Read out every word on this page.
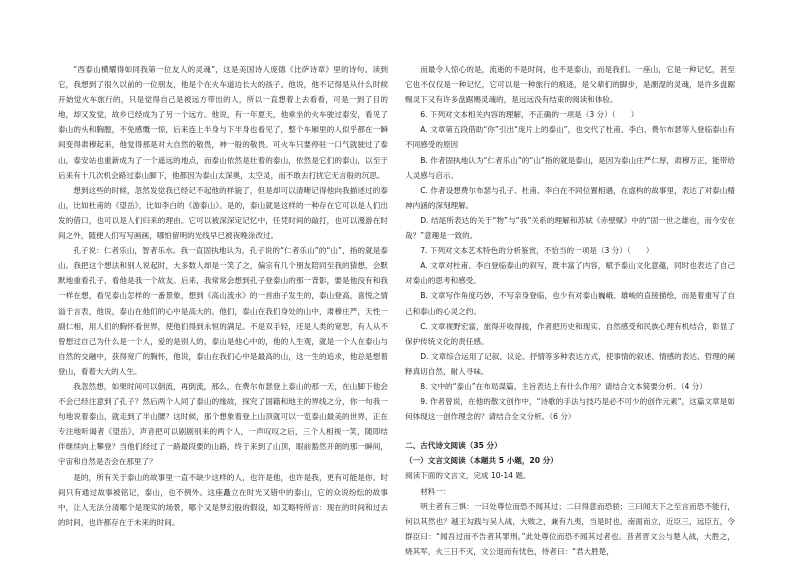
“西泰山横耀得如同我第一位友人的灵魂”，这是美国诗人庞德《比萨诗章》里的诗句。读到它，我想到了很久以前的一位朋友，他是个在火车道边长大的孩子。他说，他不记得是从什么时候开始觉火车旅行的，只是觉得自己是被远方带出的人，所以一直想着上去看看，可是一到了目的地，却又发觉，故乡已经成为了另一个远方。他说，有一年夏天，他乘坐的火车驶过泰安，看见了泰山的头和胸膛，不免感慨一惊，后来连上半身与下半身也看见了，整个车厢里的人似乎都在一瞬间变得肃穆起来，他觉得那是对大自然的敬畏，神一般的敬畏。可火车只要停驻一口气就驶过了泰山，泰安站也重新成为了一个遥远的地点，而泰山依然是壮着的泰山，依然是它们的泰山，以至于后来有十几次机会路过泰山脚下，他都因为泰山太深奥，太空灵，而不敢去打扰它无言般的沉思。

想到这些的时候，忽然发觉我已经记不起他的样貌了，但是却可以清晰记得他向我描述过的泰山，比如杜甫的《望岳》，比如李白的《游泰山》。是的，泰山就是这样的一种存在它可以是人们出发的借口，也可以是人们归来的理由。它可以被深深定记忆中，任凭时间的敲打，也可以漫游在时间之外，随便人们写写画画，哪怕留明的光线早已被夜晚涂改过。

孔子说：仁者乐山，智者乐水。我一直固执地认为，孔子说的“仁者乐山”的“山”，指的就是泰山。我把这个想法和别人说起时，大多数人却是一笑了之，偏宗有几个朋友陪同至我的猜想，会默默地重看孔子，看他是我一个故友。后来，我常常会想到孔子登泰山的那一背影，要是他没有和我一样在想，看见泰山怎样的一番景象，想到《高山流水》的一首曲子发生的，泰山登高，喜悦之情溢于言表，他说，泰山在他们的心中是高大的。他们，泰山在我们身处的山中，肃穆庄严，天性一副仁相，用人们的胸怀看世界，使他们得到永恒的满足。不是双手轻，还是人类的宽恕，有人从不曾想过自己为什么是一个人，爱的是别人的，泰山是他心中的，他的人生观，就是一个人在泰山与自然的交融中，获得宽广的胸怀，他说，泰山在我们心中是最高的山，这一生的追求，他总是想着登山，看着大大的人生。

我忽然想，如果时间可以倒流，再倒流，那么，在费尔布瑟登上泰山的那一天，在山脚下他会不会已经注意到了孔子？然后两个人同了泰山的缘故，探究了国籍和地主的界线之分，你一句我一句地说着泰山，就走到了半山腰？这时候，那个想象着登上山顶就可以一览泰山最美的世界，正在专注地听谒者《望岳》，声音把可以剧剧别来的两个人，一声叹叹之后，三个人相视一笑，随即结伴继续向上攀登？当他们经过了一路最段要的山路，终于来到了山顶，眼前豁然开朗的那一瞬间，宇宙和自然是否会在那里了？

是的，所有关于泰山的故事里一直不缺少这样的人，也许是他，也许是我，更有可能是你。时间只有通过故事被铭记，泰山，也不例外。这座矗立在时光又错中的泰山，它的众说纷纭的故事中，让人无法分清哪个是现实的场景，哪个又是梦幻般的假设，如艾略特所言：现在的时间和过去的时间，也许都存在于未来的时间。

而最令人惊心的是，流逝的不是时间，也不是泰山，而是我们。一座山，它是一种记忆，甚至它也不仅仅是一种记忆，它可以是一种旅行的痕迹，是父辈们的脚步，是潮湿的灵魂，是许多盘踞赐灵下又有许多盘踞赐灵魂的，是远远没有结束的阅读和体验。

6. 下列对文本相关内容的理解，不正确的一项是（3 分）（　　）

A. 文章第五段借助“你”引出“庞片上的泰山”，也交代了杜甫、李白、费尔布瑟等人登临泰山有不同感受的原因

B. 作者固执地认为“仁者乐山”的“山”指的就是泰山，是因为泰山庄严仁厚，肃穆万正，能带给人灵感与启示。

C. 作者设想费尔布瑟与孔子、杜甫、李白在不同位置相遇，在虚构的故事里，表达了对泰山精神内涵的深刻理解。

D. 结尾所表达的关于“物”与“我”关系的理解和苏轼《赤壁赋》中的“固一世之雄也，而今安在哉？”意趣是一致的。

7. 下列对文本艺术特色的分析鉴赏，不恰当的一项是（3 分）（　　）

A. 文章对杜甫、李白登临泰山的叙写，既丰富了内容，赋予泰山文化意蕴，同时也表达了自己对泰山的思考和感受。

B. 文章写作角度巧妙，不写亲身登临，也少有对泰山巍峨、雄峻的直接描绘，而是着重写了自己和泰山的心灵之约。

C. 文章视野宏富，旅得开收得拢，作者把历史和现实、自然感受和民族心理有机结合，彰显了保护传统文化的责任感。

D. 文章综合运用了记叙、议论、抒情等多种表达方式，使事情的叙述、情感的表达、哲理的阐释真切自然，耐人寻味。

8. 文中的“泰山”在布局谋篇、主旨表达上有什么作用？请结合文本简要分析。（4 分）

9. 作者曾说，在他的散文创作中，“诗歌的手法与技巧是必不可少的创作元素”，这篇文章是如何体现这一创作理念的？请结合全文分析。（6 分）

二、古代诗文阅读（35 分）

（一）文言文阅读（本题共 5 小题，20 分）

阅读下面的文言文，完成 10-14 题。

材料一：

明主者有三惧：一曰处尊位而恐不闻其过；二曰得意而恐骄；三曰闻天下之至言而恐不能行，何以其然也？越王勾践与吴人战，大败之，兼有九夷，当是时也，南面而立，近臣三，远臣五，令群臣曰：“闻吾过而不告者其罪刑。”此处尊位而恐不闻其过者也。昔者晋文公与楚人战，大胜之，烧其军，火三日不灭，文公退而有忧色，侍者曰：“君大胜楚，
